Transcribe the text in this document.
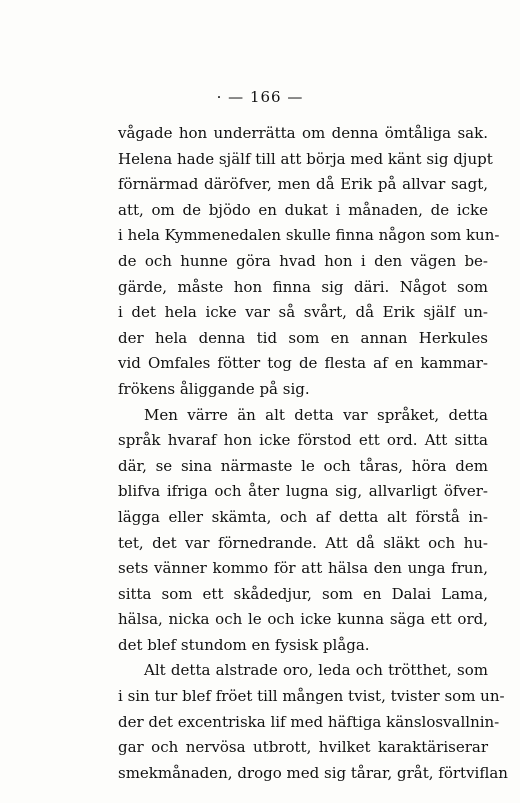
· — 166 —
vågade hon underrätta om denna ömtåliga sak.
Helena hade själf till att börja med känt sig djupt
förnärmad däröfver, men då Erik på allvar sagt,
att, om de bjödo en dukat i månaden, de icke
i hela Kymmenedalen skulle finna någon som kun-
de och hunne göra hvad hon i den vägen be-
gärde, måste hon finna sig däri. Något som
i det hela icke var så svårt, då Erik själf un-
der hela denna tid som en annan Herkules
vid Omfales fötter tog de flesta af en kammar-
frökens åliggande på sig.
Men värre än alt detta var språket, detta
språk hvaraf hon icke förstod ett ord. Att sitta
där, se sina närmaste le och tåras, höra dem
blifva ifriga och åter lugna sig, allvarligt öfver-
lägga eller skämta, och af detta alt förstå in-
tet, det var förnedrande. Att då släkt och hu-
sets vänner kommo för att hälsa den unga frun,
sitta som ett skådedjur, som en Dalai Lama,
hälsa, nicka och le och icke kunna säga ett ord,
det blef stundom en fysisk plåga.
Alt detta alstrade oro, leda och trötthet, som
i sin tur blef fröet till mången tvist, tvister som un-
der det excentriska lif med häftiga känslosvallnin-
gar och nervösa utbrott, hvilket karaktäriserar
smekmånaden, drogo med sig tårar, gråt, förtviflan
